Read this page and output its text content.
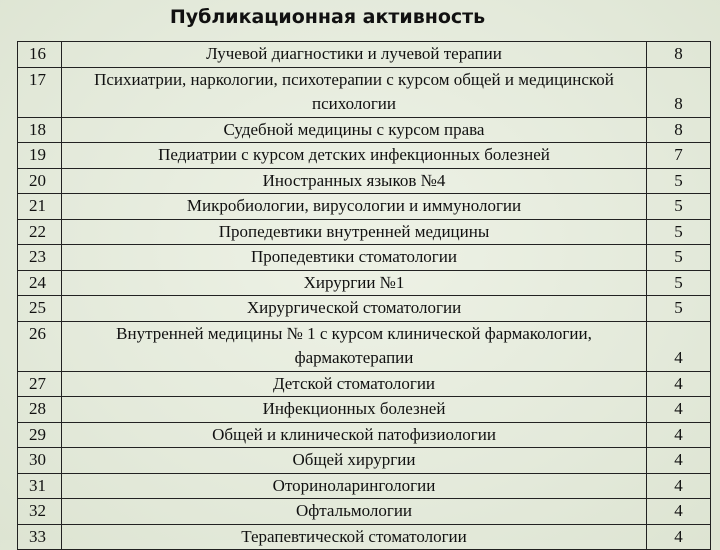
Публикационная активность
16	Лучевой диагностики и лучевой терапии	8
17	Психиатрии, наркологии, психотерапии с курсом общей и медицинской психологии	8
18	Судебной медицины с курсом права	8
19	Педиатрии с курсом детских инфекционных болезней	7
20	Иностранных языков №4	5
21	Микробиологии, вирусологии и иммунологии	5
22	Пропедевтики внутренней медицины	5
23	Пропедевтики стоматологии	5
24	Хирургии №1	5
25	Хирургической стоматологии	5
26	Внутренней медицины № 1 с курсом клинической фармакологии, фармакотерапии	4
27	Детской стоматологии	4
28	Инфекционных болезней	4
29	Общей и клинической патофизиологии	4
30	Общей хирургии	4
31	Оториноларингологии	4
32	Офтальмологии	4
33	Терапевтической стоматологии	4
